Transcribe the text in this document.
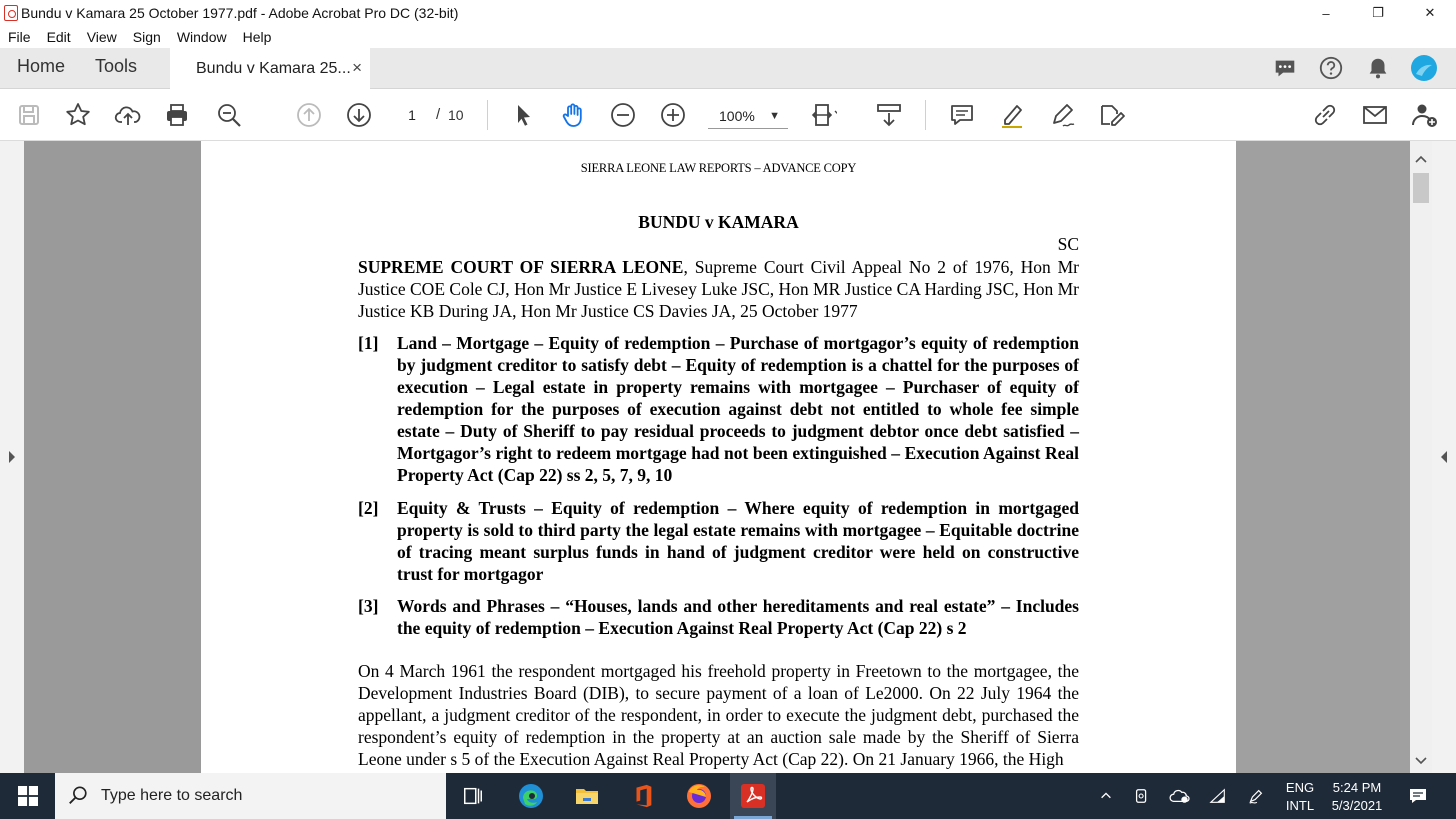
Bundu v Kamara 25 October 1977.pdf - Adobe Acrobat Pro DC (32-bit)	–	❐	✕
File	Edit	View	Sign	Window	Help
Home Tools	Bundu v Kamara 25... ×
1	/ 10	100% ▼
SIERRA LEONE LAW REPORTS – ADVANCE COPY
BUNDU v KAMARA
SC
SUPREME COURT OF SIERRA LEONE, Supreme Court Civil Appeal No 2 of 1976, Hon Mr Justice COE Cole CJ, Hon Mr Justice E Livesey Luke JSC, Hon MR Justice CA Harding JSC, Hon Mr Justice KB During JA, Hon Mr Justice CS Davies JA, 25 October 1977
[1] Land – Mortgage – Equity of redemption – Purchase of mortgagor’s equity of redemption by judgment creditor to satisfy debt – Equity of redemption is a chattel for the purposes of execution – Legal estate in property remains with mortgagee – Purchaser of equity of redemption for the purposes of execution against debt not entitled to whole fee simple estate – Duty of Sheriff to pay residual proceeds to judgment debtor once debt satisfied – Mortgagor’s right to redeem mortgage had not been extinguished – Execution Against Real Property Act (Cap 22) ss 2, 5, 7, 9, 10
[2] Equity & Trusts – Equity of redemption – Where equity of redemption in mortgaged property is sold to third party the legal estate remains with mortgagee – Equitable doctrine of tracing meant surplus funds in hand of judgment creditor were held on constructive trust for mortgagor
[3] Words and Phrases – “Houses, lands and other hereditaments and real estate” – Includes the equity of redemption – Execution Against Real Property Act (Cap 22) s 2
On 4 March 1961 the respondent mortgaged his freehold property in Freetown to the mortgagee, the Development Industries Board (DIB), to secure payment of a loan of Le2000. On 22 July 1964 the appellant, a judgment creditor of the respondent, in order to execute the judgment debt, purchased the respondent’s equity of redemption in the property at an auction sale made by the Sheriff of Sierra Leone under s 5 of the Execution Against Real Property Act (Cap 22). On 21 January 1966, the High
Type here to search	ENG
INTL
5:24 PM
5/3/2021
